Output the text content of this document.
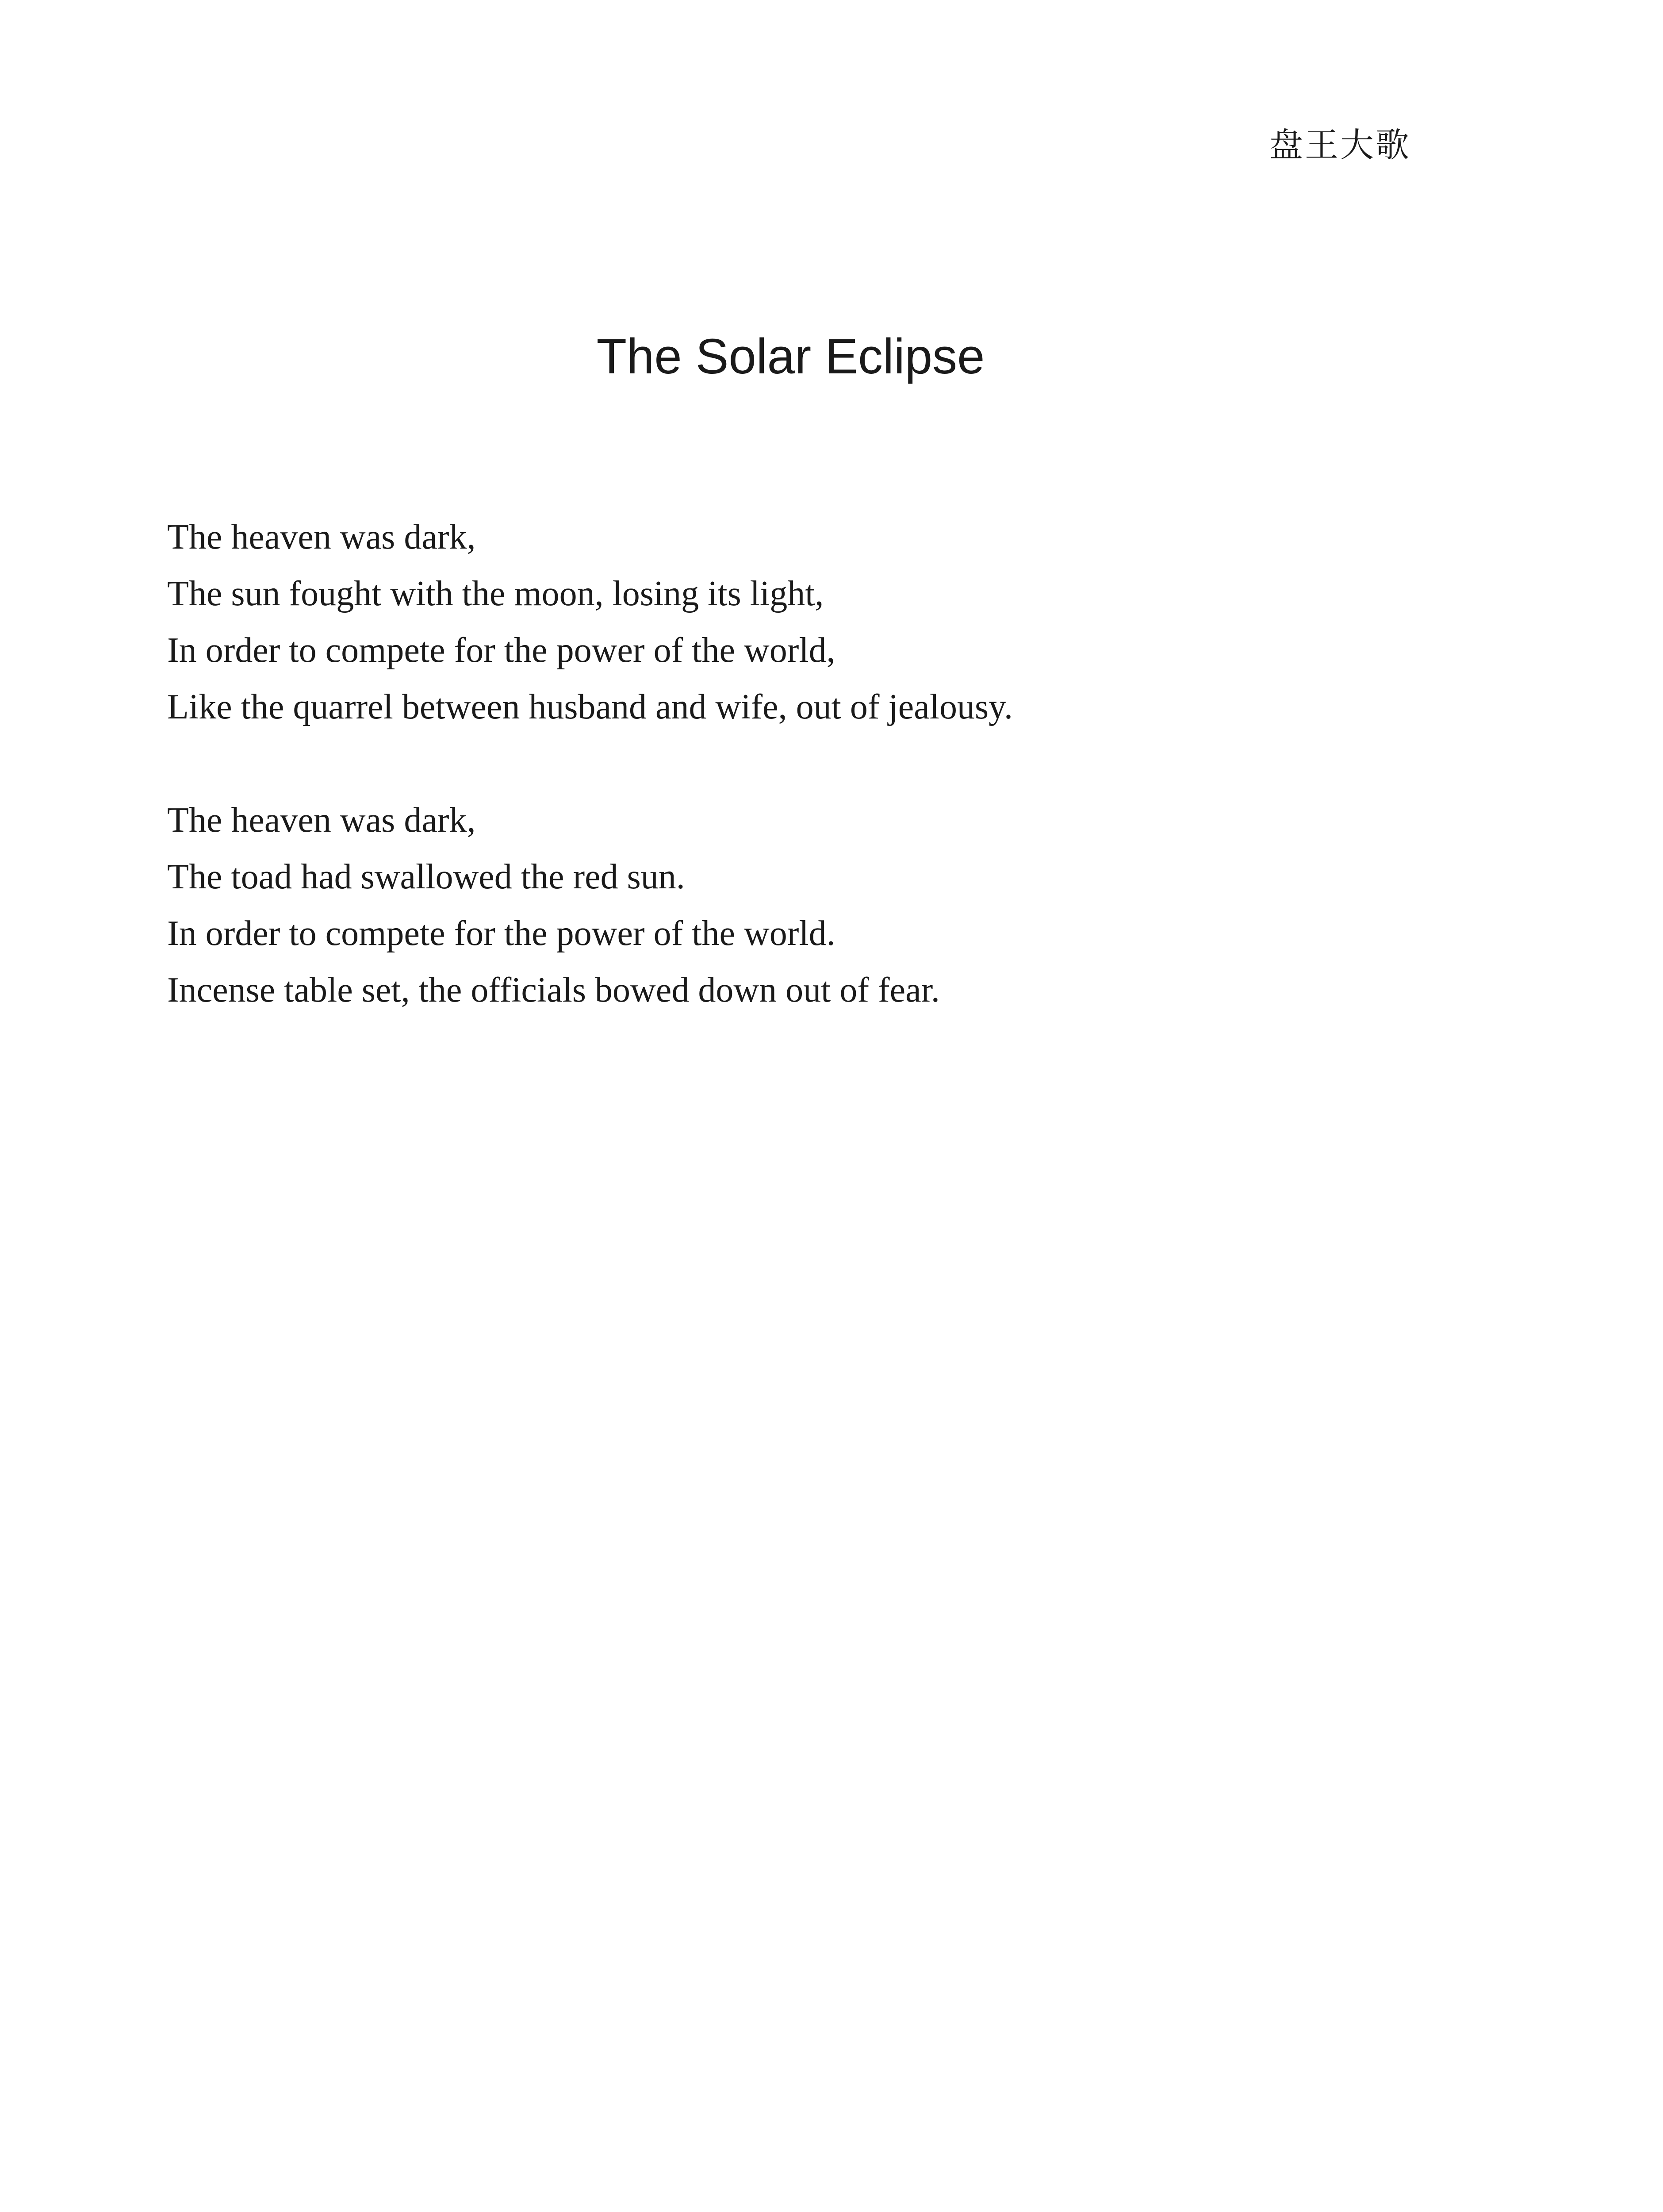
盘王大歌
The Solar Eclipse
The heaven was dark,
The sun fought with the moon, losing its light,
In order to compete for the power of the world,
Like the quarrel between husband and wife, out of jealousy.
The heaven was dark,
The toad had swallowed the red sun.
In order to compete for the power of the world.
Incense table set, the officials bowed down out of fear.
